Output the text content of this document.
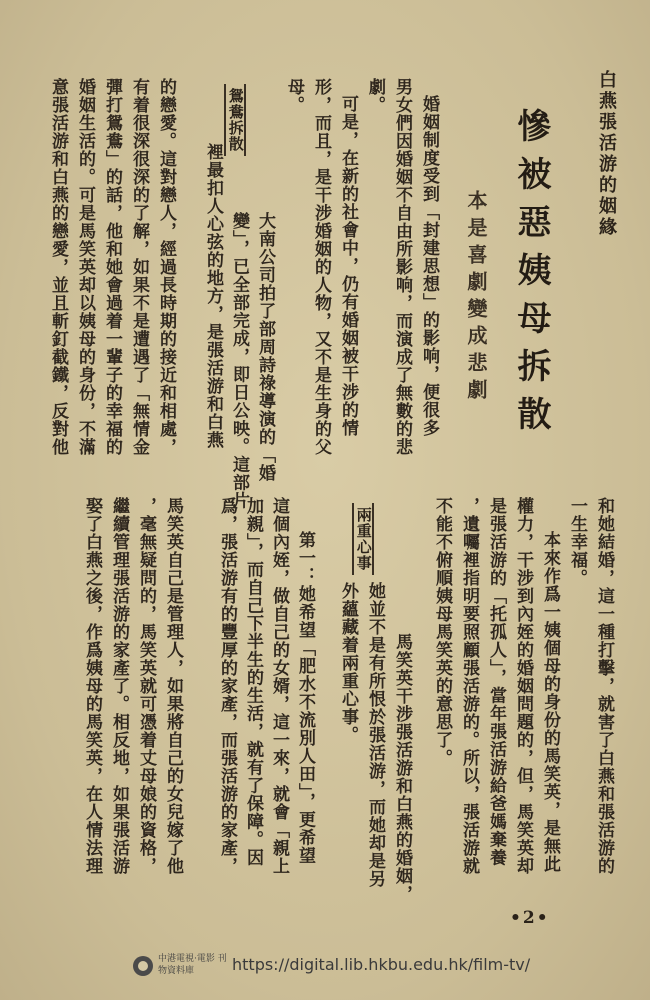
白燕張活游的姻緣
慘被惡姨母拆散
本是喜劇變成悲劇
婚姻制度受到「封建思想」的影响，便很多
男女們因婚姻不自由所影响，而演成了無數的悲
劇。
可是，在新的社會中，仍有婚姻被干涉的情
形，而且，是干涉婚姻的人物，又不是生身的父
母。
鴛鴦拆散
大南公司拍了部周詩祿導演的「婚
變」，已全部完成，即日公映。這部片
裡最扣人心弦的地方，是張活游和白燕
的戀愛。這對戀人，經過長時期的接近和相處，
有着很深很深的了解，如果不是遭遇了「無情金
彈打鴛鴦」的話，他和她會過着一輩子的幸福的
婚姻生活的。可是馬笑英却以姨母的身份，不滿
意張活游和白燕的戀愛，並且斬釘截鐵，反對他
和她結婚，這一種打擊，就害了白燕和張活游的
一生幸福。
本來作爲一姨個母的身份的馬笑英，是無此
權力，干涉到內姪的婚姻問題的，但，馬笑英却
是張活游的「托孤人」，當年張活游給爸媽棄養
，遺囑裡指明要照顧張活游的。所以，張活游就
不能不俯順姨母馬笑英的意思了。
兩重心事
馬笑英干涉張活游和白燕的婚姻，
她並不是有所恨於張活游，而她却是另
外蘊藏着兩重心事。
第一：她希望「肥水不流別人田」，更希望
這個內姪，做自己的女婿，這一來，就會「親上
加親」，而自己下半生的生活，就有了保障。因
爲，張活游有的豐厚的家產，而張活游的家產，
馬笑英自己是管理人，如果將自己的女兒嫁了他
，毫無疑問的，馬笑英就可憑着丈母娘的資格，
繼續管理張活游的家產了。相反地，如果張活游
娶了白燕之後，作爲姨母的馬笑英，在人情法理
•2•
中港電視‧電影 刊物資料庫	https://digital.lib.hkbu.edu.hk/film-tv/
